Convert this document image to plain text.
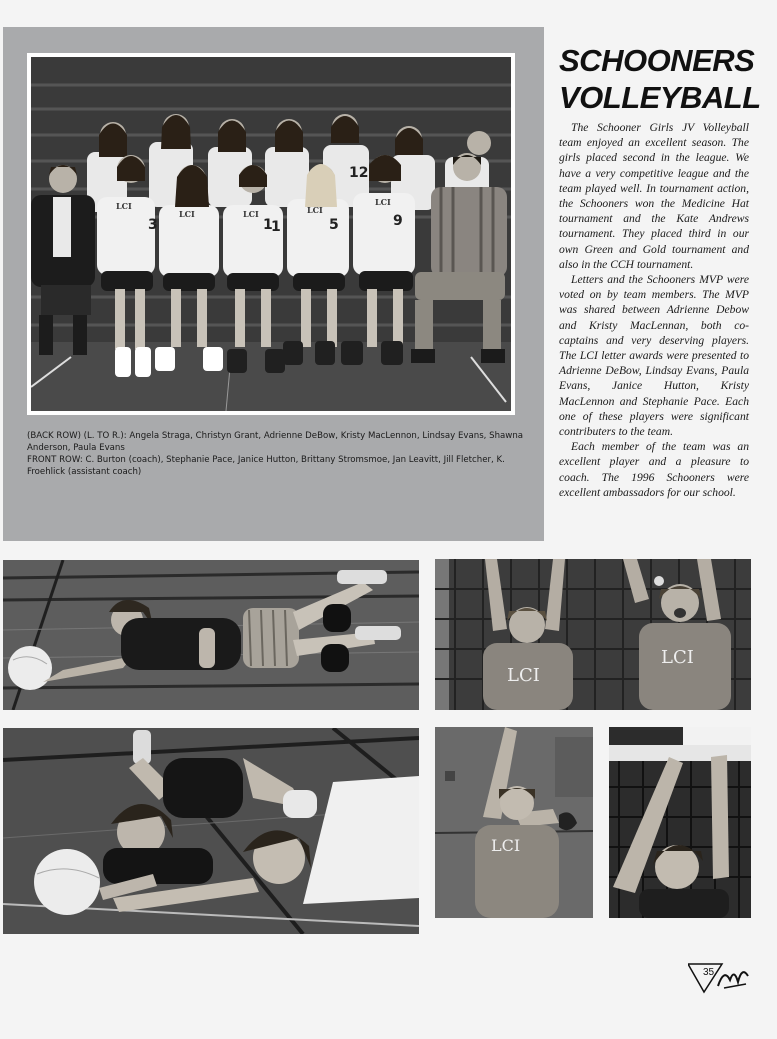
3	1
12
1	5	9
LCI
LCI	LCI	LCI
LCI

(BACK ROW) (L. TO R.): Angela Straga, Christyn Grant, Adrienne DeBow, Kristy MacLennon, Lindsay Evans, Shawna Anderson, Paula Evans

FRONT ROW: C. Burton (coach), Stephanie Pace, Janice Hutton, Brittany Stromsmoe, Jan Leavitt, Jill Fletcher, K. Froehlick (assistant coach)

SCHOONERS
VOLLEYBALL

The Schooner Girls JV Volleyball team enjoyed an excellent season. The girls placed second in the league. We have a very competitive league and the team played well. In tournament action, the Schooners won the Medicine Hat tournament and the Kate Andrews tournament. They placed third in our own Green and Gold tournament and also in the CCH tournament.

Letters and the Schooners MVP were voted on by team members. The MVP was shared between Adrienne Debow and Kristy MacLennan, both co-captains and very deserving players. The LCI letter awards were presented to Adrienne DeBow, Lindsay Evans, Paula Evans, Janice Hutton, Kristy MacLennon and Stephanie Pace. Each one of these players were significant contributers to the team.

Each member of the team was an excellent player and a pleasure to coach. The 1996 Schooners were excellent ambassadors for our school.

LCI
LCI
LCI
35
